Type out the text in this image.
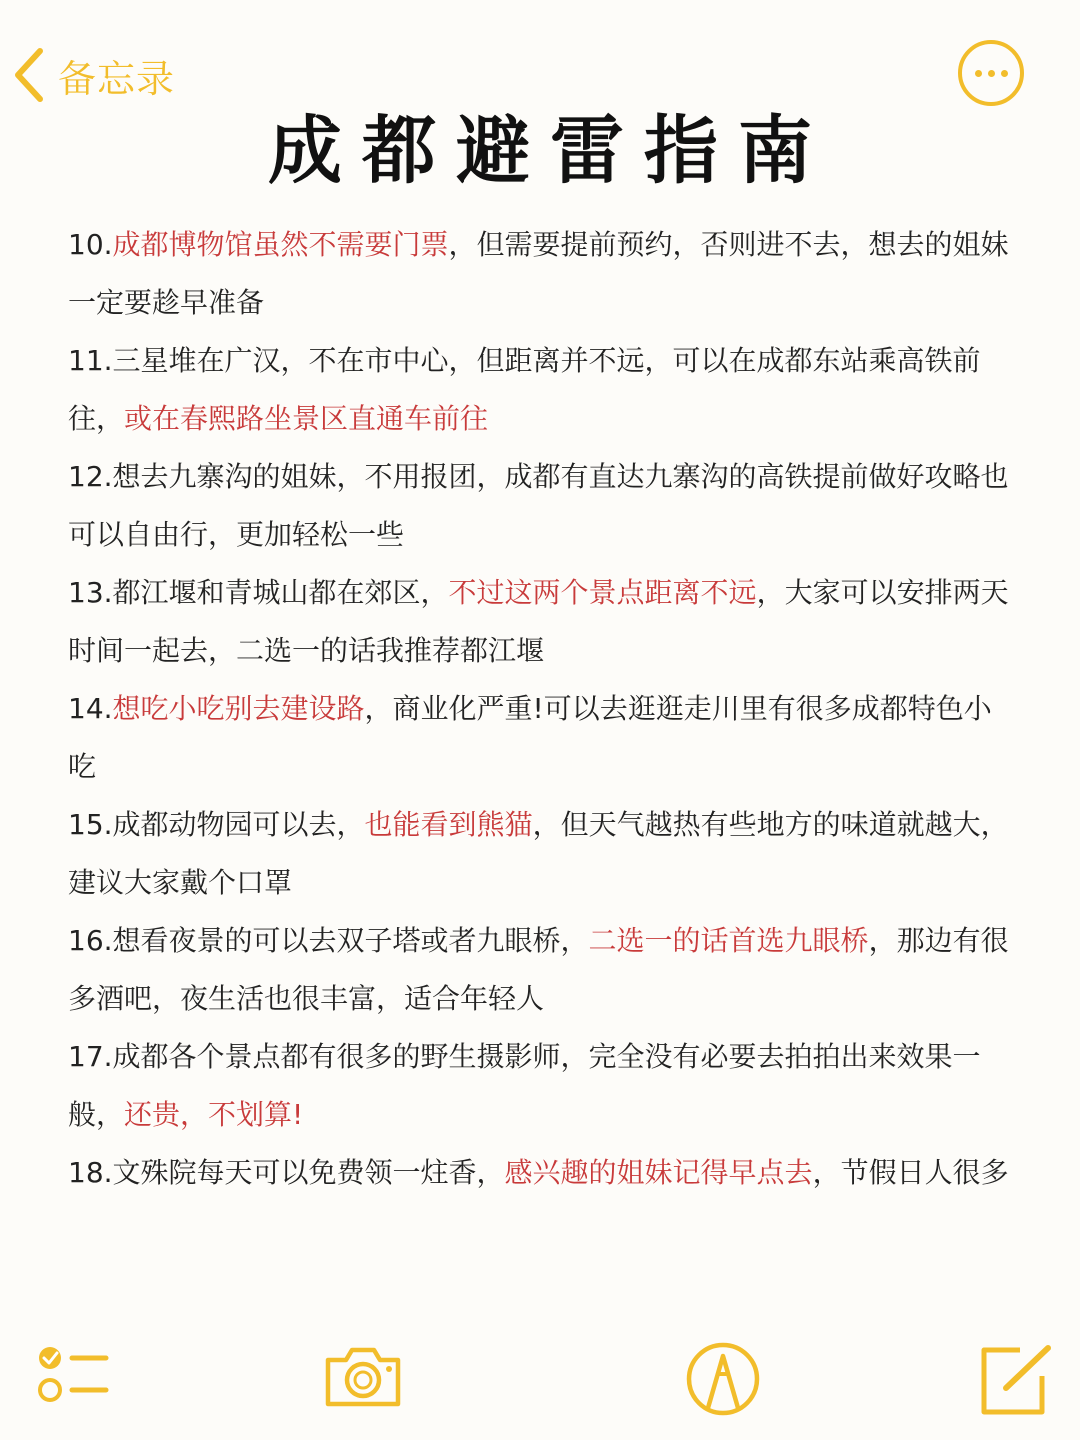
备忘录
成都避雷指南

10.成都博物馆虽然不需要门票，但需要提前预约，否则进不去，想去的姐妹一定要趁早准备

11.三星堆在广汉，不在市中心，但距离并不远，可以在成都东站乘高铁前往，或在春熙路坐景区直通车前往

12.想去九寨沟的姐妹，不用报团，成都有直达九寨沟的高铁提前做好攻略也可以自由行，更加轻松一些

13.都江堰和青城山都在郊区，不过这两个景点距离不远，大家可以安排两天时间一起去，二选一的话我推荐都江堰

14.想吃小吃别去建设路，商业化严重!可以去逛逛走川里有很多成都特色小吃

15.成都动物园可以去，也能看到熊猫，但天气越热有些地方的味道就越大，建议大家戴个口罩

16.想看夜景的可以去双子塔或者九眼桥，二选一的话首选九眼桥，那边有很多酒吧，夜生活也很丰富，适合年轻人

17.成都各个景点都有很多的野生摄影师，完全没有必要去拍拍出来效果一般，还贵，不划算!

18.文殊院每天可以免费领一炷香，感兴趣的姐妹记得早点去，节假日人很多
